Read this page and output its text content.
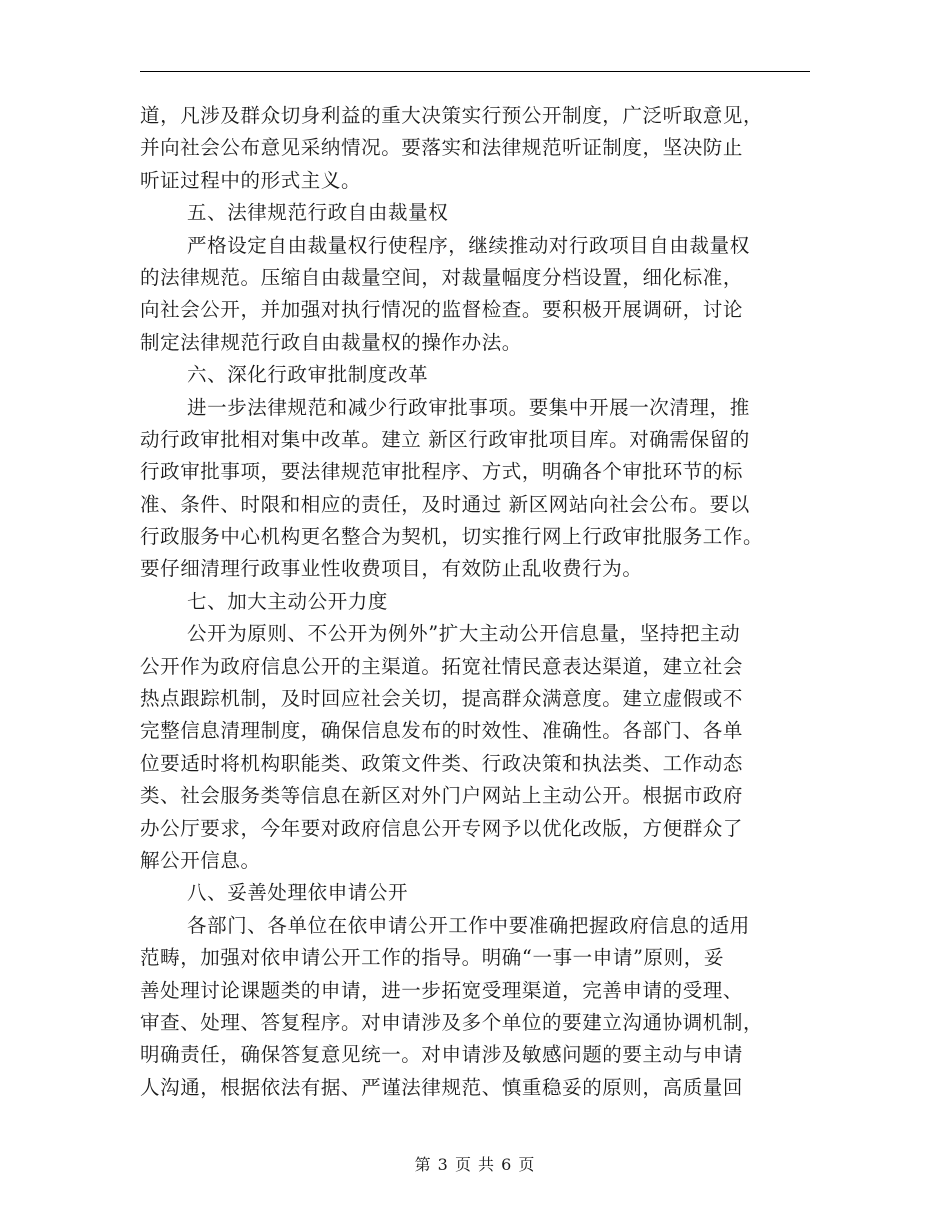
道，凡涉及群众切身利益的重大决策实行预公开制度，广泛听取意见，
并向社会公布意见采纳情况。要落实和法律规范听证制度，坚决防止
听证过程中的形式主义。
五、法律规范行政自由裁量权
严格设定自由裁量权行使程序，继续推动对行政项目自由裁量权
的法律规范。压缩自由裁量空间，对裁量幅度分档设置，细化标准，
向社会公开，并加强对执行情况的监督检查。要积极开展调研，讨论
制定法律规范行政自由裁量权的操作办法。
六、深化行政审批制度改革
进一步法律规范和减少行政审批事项。要集中开展一次清理，推
动行政审批相对集中改革。建立 新区行政审批项目库。对确需保留的
行政审批事项，要法律规范审批程序、方式，明确各个审批环节的标
准、条件、时限和相应的责任，及时通过 新区网站向社会公布。要以
行政服务中心机构更名整合为契机，切实推行网上行政审批服务工作。
要仔细清理行政事业性收费项目，有效防止乱收费行为。
七、加大主动公开力度
公开为原则、不公开为例外”扩大主动公开信息量，坚持把主动
公开作为政府信息公开的主渠道。拓宽社情民意表达渠道，建立社会
热点跟踪机制，及时回应社会关切，提高群众满意度。建立虚假或不
完整信息清理制度，确保信息发布的时效性、准确性。各部门、各单
位要适时将机构职能类、政策文件类、行政决策和执法类、工作动态
类、社会服务类等信息在新区对外门户网站上主动公开。根据市政府
办公厅要求，今年要对政府信息公开专网予以优化改版，方便群众了
解公开信息。
八、妥善处理依申请公开
各部门、各单位在依申请公开工作中要准确把握政府信息的适用
范畴，加强对依申请公开工作的指导。明确“一事一申请”原则，妥
善处理讨论课题类的申请，进一步拓宽受理渠道，完善申请的受理、
审查、处理、答复程序。对申请涉及多个单位的要建立沟通协调机制，
明确责任，确保答复意见统一。对申请涉及敏感问题的要主动与申请
人沟通，根据依法有据、严谨法律规范、慎重稳妥的原则，高质量回
第 3 页 共 6 页
